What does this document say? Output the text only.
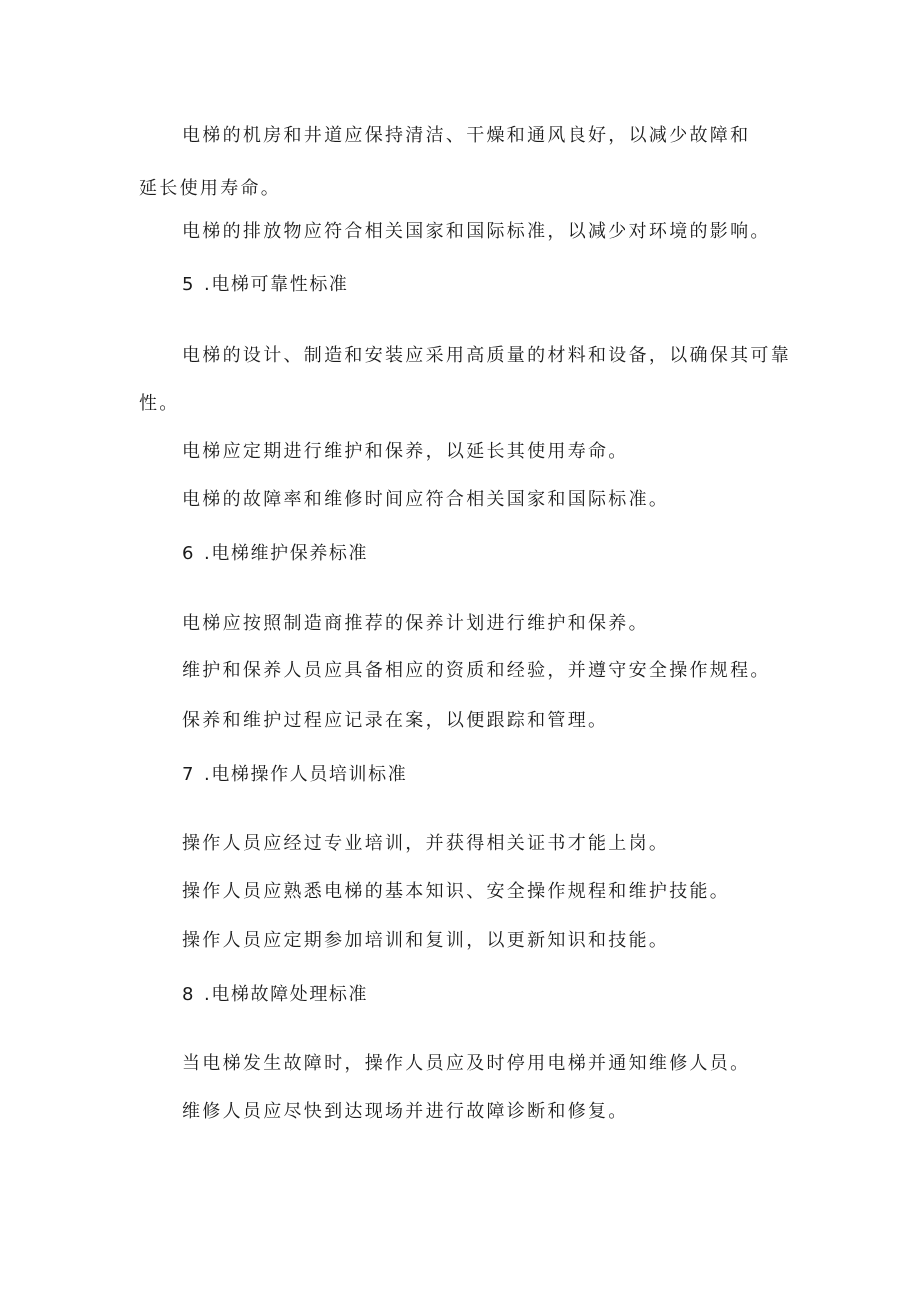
电梯的机房和井道应保持清洁、干燥和通风良好，以减少故障和
延长使用寿命。
电梯的排放物应符合相关国家和国际标准，以减少对环境的影响。
5 .电梯可靠性标准
电梯的设计、制造和安装应采用高质量的材料和设备，以确保其可靠
性。
电梯应定期进行维护和保养，以延长其使用寿命。
电梯的故障率和维修时间应符合相关国家和国际标准。
6 .电梯维护保养标准
电梯应按照制造商推荐的保养计划进行维护和保养。
维护和保养人员应具备相应的资质和经验，并遵守安全操作规程。
保养和维护过程应记录在案，以便跟踪和管理。
7 .电梯操作人员培训标准
操作人员应经过专业培训，并获得相关证书才能上岗。
操作人员应熟悉电梯的基本知识、安全操作规程和维护技能。
操作人员应定期参加培训和复训，以更新知识和技能。
8 .电梯故障处理标准
当电梯发生故障时，操作人员应及时停用电梯并通知维修人员。
维修人员应尽快到达现场并进行故障诊断和修复。
